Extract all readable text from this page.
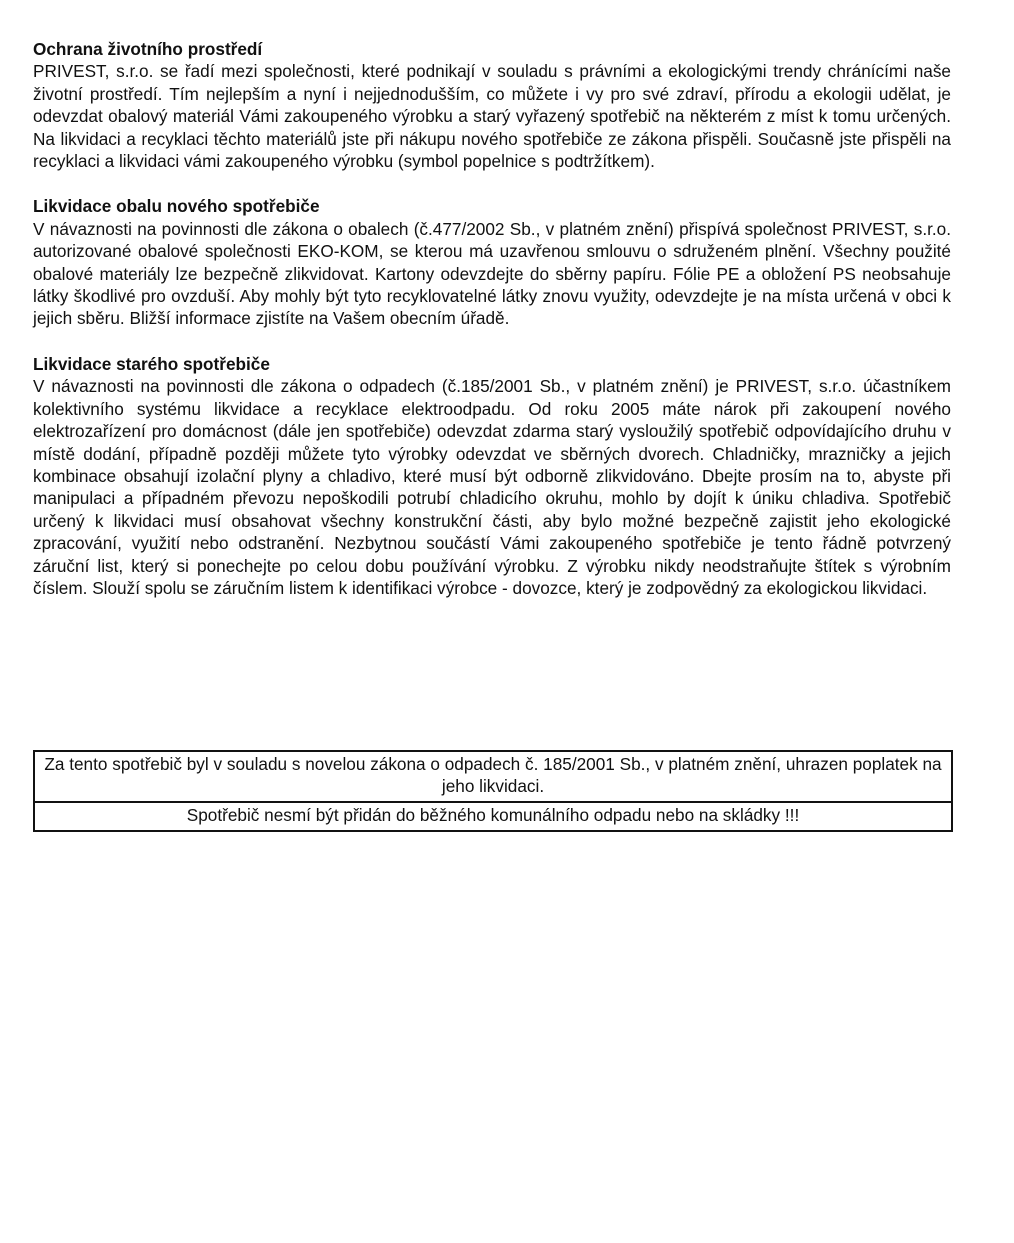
Ochrana životního prostředí

PRIVEST, s.r.o. se řadí mezi společnosti, které podnikají v souladu s právními a ekologickými trendy chránícími naše životní prostředí. Tím nejlepším a nyní i nejjednodušším, co můžete i vy pro své zdraví, přírodu a ekologii udělat, je odevzdat obalový materiál Vámi zakoupeného výrobku a starý vyřazený spotřebič na některém z míst k tomu určených. Na likvidaci a recyklaci těchto materiálů jste při nákupu nového spotřebiče ze zákona přispěli. Současně jste přispěli na recyklaci a likvidaci vámi zakoupeného výrobku (symbol popelnice s podtržítkem).

Likvidace obalu nového spotřebiče

V návaznosti na povinnosti dle zákona o obalech (č.477/2002 Sb., v platném znění) přispívá společnost PRIVEST, s.r.o. autorizované obalové společnosti EKO-KOM, se kterou má uzavřenou smlouvu o sdruženém plnění. Všechny použité obalové materiály lze bezpečně zlikvidovat. Kartony odevzdejte do sběrny papíru. Fólie PE a obložení PS neobsahuje látky škodlivé pro ovzduší. Aby mohly být tyto recyklovatelné látky znovu využity, odevzdejte je na místa určená v obci k jejich sběru. Bližší informace zjistíte na Vašem obecním úřadě.

Likvidace starého spotřebiče

V návaznosti na povinnosti dle zákona o odpadech (č.185/2001 Sb., v platném znění) je PRIVEST, s.r.o. účastníkem kolektivního systému likvidace a recyklace elektroodpadu. Od roku 2005 máte nárok při zakoupení nového elektrozařízení pro domácnost (dále jen spotřebiče) odevzdat zdarma starý vysloužilý spotřebič odpovídajícího druhu v místě dodání, případně později můžete tyto výrobky odevzdat ve sběrných dvorech. Chladničky, mrazničky a jejich kombinace obsahují izolační plyny a chladivo, které musí být odborně zlikvidováno. Dbejte prosím na to, abyste při manipulaci a případném převozu nepoškodili potrubí chladicího okruhu, mohlo by dojít k úniku chladiva. Spotřebič určený k likvidaci musí obsahovat všechny konstrukční části, aby bylo možné bezpečně zajistit jeho ekologické zpracování, využití nebo odstranění. Nezbytnou součástí Vámi zakoupeného spotřebiče je tento řádně potvrzený záruční list, který si ponechejte po celou dobu používání výrobku. Z výrobku nikdy neodstraňujte štítek s výrobním číslem. Slouží spolu se záručním listem k identifikaci výrobce - dovozce, který je zodpovědný za ekologickou likvidaci.

Za tento spotřebič byl v souladu s novelou zákona o odpadech č. 185/2001 Sb., v platném znění, uhrazen poplatek na jeho likvidaci.
Spotřebič nesmí být přidán do běžného komunálního odpadu nebo na skládky !!!
